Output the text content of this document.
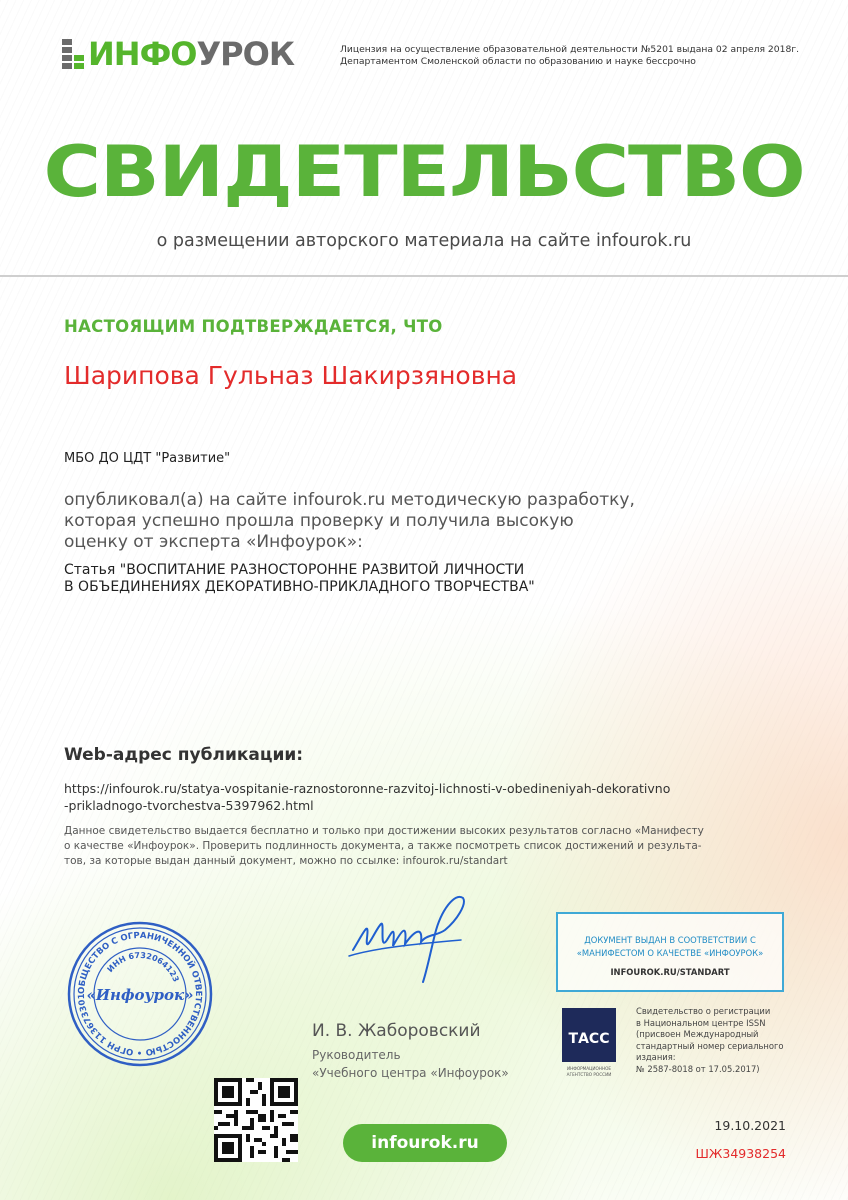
ИНФО УРОК	Лицензия на осуществление образовательной деятельности №5201 выдана 02 апреля 2018г.
Департаментом Смоленской области по образованию и науке бессрочно
СВИДЕТЕЛЬСТВО
о размещении авторского материала на сайте infourok.ru
НАСТОЯЩИМ ПОДТВЕРЖДАЕТСЯ, ЧТО
Шарипова Гульназ Шакирзяновна
МБО ДО ЦДТ "Развитие"
опубликовал(а) на сайте infourok.ru методическую разработку,
которая успешно прошла проверку и получила высокую
оценку от эксперта «Инфоурок»:
Статья "ВОСПИТАНИЕ РАЗНОСТОРОННЕ РАЗВИТОЙ ЛИЧНОСТИ
В ОБЪЕДИНЕНИЯХ ДЕКОРАТИВНО-ПРИКЛАДНОГО ТВОРЧЕСТВА"
Web-адрес публикации:
https://infourok.ru/statya-vospitanie-raznostoronne-razvitoj-lichnosti-v-obedineniyah-dekorativno
-prikladnogo-tvorchestva-5397962.html
Данное свидетельство выдается бесплатно и только при достижении высоких результатов согласно «Манифесту
о качестве «Инфоурок». Проверить подлинность документа, а также посмотреть список достижений и результа-
тов, за которые выдан данный документ, можно по ссылке: infourok.ru/standart
ОБЩЕСТВО С ОГРАНИЧЕННОЙ ОТВЕТСТВЕННОСТЬЮ • ОГРН 113673301
ИНН 6732064123
«Инфоурок»
И. В. Жаборовский
Руководитель
«Учебного центра «Инфоурок»
infourok.ru
ДОКУМЕНТ ВЫДАН В СООТВЕТСТВИИ С
«МАНИФЕСТОМ О КАЧЕСТВЕ «ИНФОУРОК»
INFOUROK.RU/STANDART
ТАСС
ИНФОРМАЦИОННОЕ
АГЕНТСТВО РОССИИ
Свидетельство о регистрации
в Национальном центре ISSN
(присвоен Международный
стандартный номер сериального
издания:
№ 2587-8018 от 17.05.2017)
19.10.2021
ШЖ34938254
